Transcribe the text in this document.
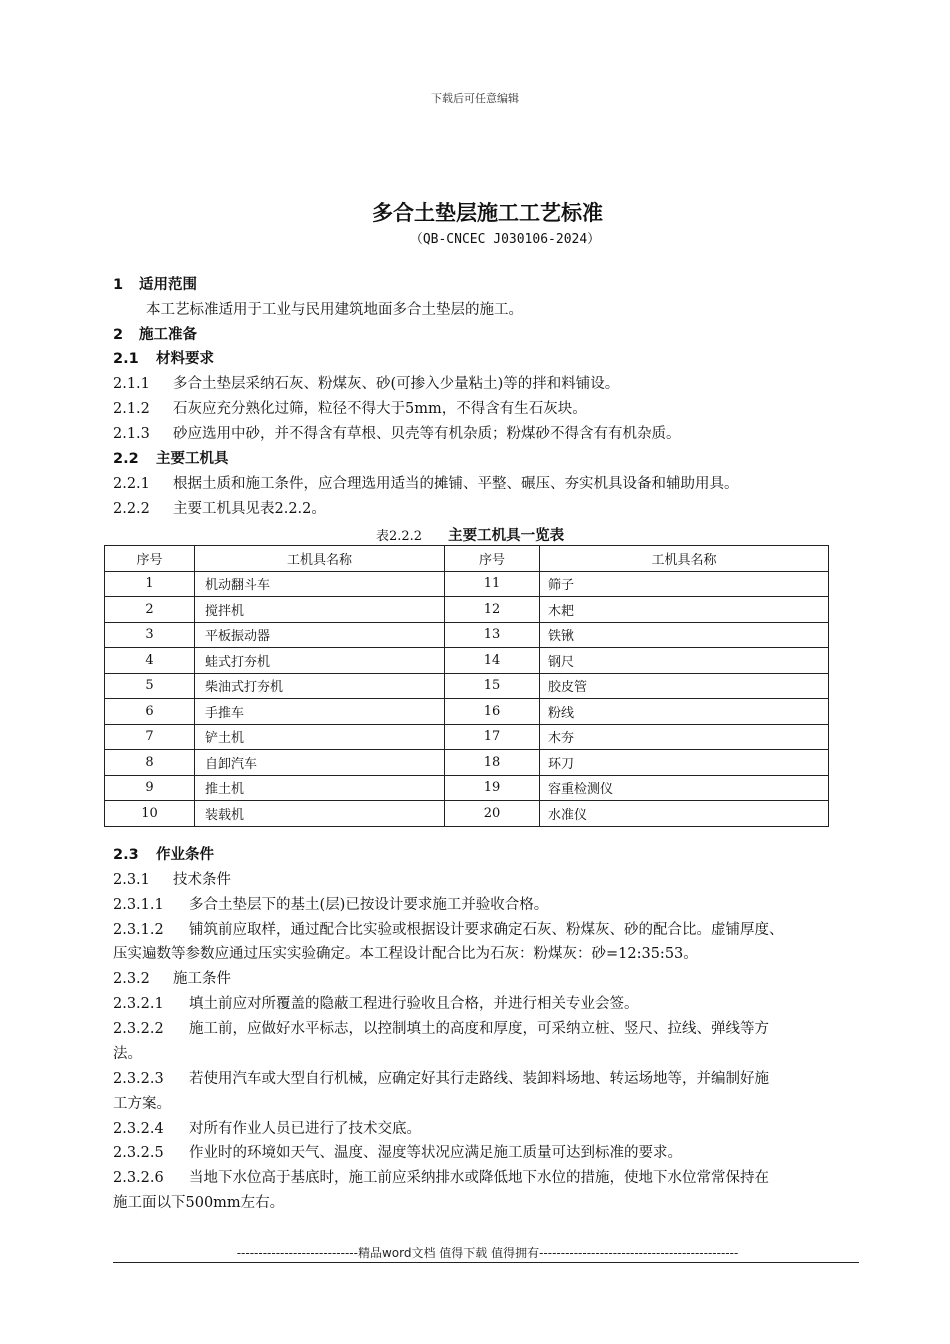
下载后可任意编辑
多合土垫层施工工艺标准
（QB-CNCEC J030106-2024）
1 适用范围
本工艺标准适用于工业与民用建筑地面多合土垫层的施工。
2 施工准备
2.1 材料要求
2.1.1 多合土垫层采纳石灰、粉煤灰、砂(可掺入少量粘土)等的拌和料铺设。
2.1.2 石灰应充分熟化过筛，粒径不得大于5mm，不得含有生石灰块。
2.1.3 砂应选用中砂，并不得含有草根、贝壳等有机杂质；粉煤砂不得含有有机杂质。
2.2 主要工机具
2.2.1 根据土质和施工条件，应合理选用适当的摊铺、平整、碾压、夯实机具设备和辅助用具。
2.2.2 主要工机具见表2.2.2。
表2.2.2 主要工机具一览表
序号	工机具名称	序号	工机具名称
1	机动翻斗车	11	筛子
2	搅拌机	12	木耙
3	平板振动器	13	铁锹
4	蛙式打夯机	14	钢尺
5	柴油式打夯机	15	胶皮管
6	手推车	16	粉线
7	铲土机	17	木夯
8	自卸汽车	18	环刀
9	推土机	19	容重检测仪
10	装载机	20	水准仪
2.3 作业条件
2.3.1 技术条件
2.3.1.1 多合土垫层下的基土(层)已按设计要求施工并验收合格。
2.3.1.2 铺筑前应取样，通过配合比实验或根据设计要求确定石灰、粉煤灰、砂的配合比。虚铺厚度、
压实遍数等参数应通过压实实验确定。本工程设计配合比为石灰：粉煤灰：砂=12:35:53。
2.3.2 施工条件
2.3.2.1 填土前应对所覆盖的隐蔽工程进行验收且合格，并进行相关专业会签。
2.3.2.2 施工前，应做好水平标志，以控制填土的高度和厚度，可采纳立桩、竖尺、拉线、弹线等方
法。
2.3.2.3 若使用汽车或大型自行机械，应确定好其行走路线、装卸料场地、转运场地等，并编制好施
工方案。
2.3.2.4 对所有作业人员已进行了技术交底。
2.3.2.5 作业时的环境如天气、温度、湿度等状况应满足施工质量可达到标准的要求。
2.3.2.6 当地下水位高于基底时，施工前应采纳排水或降低地下水位的措施，使地下水位常常保持在
施工面以下500mm左右。
----------------------------精品word文档 值得下载 值得拥有----------------------------------------------
